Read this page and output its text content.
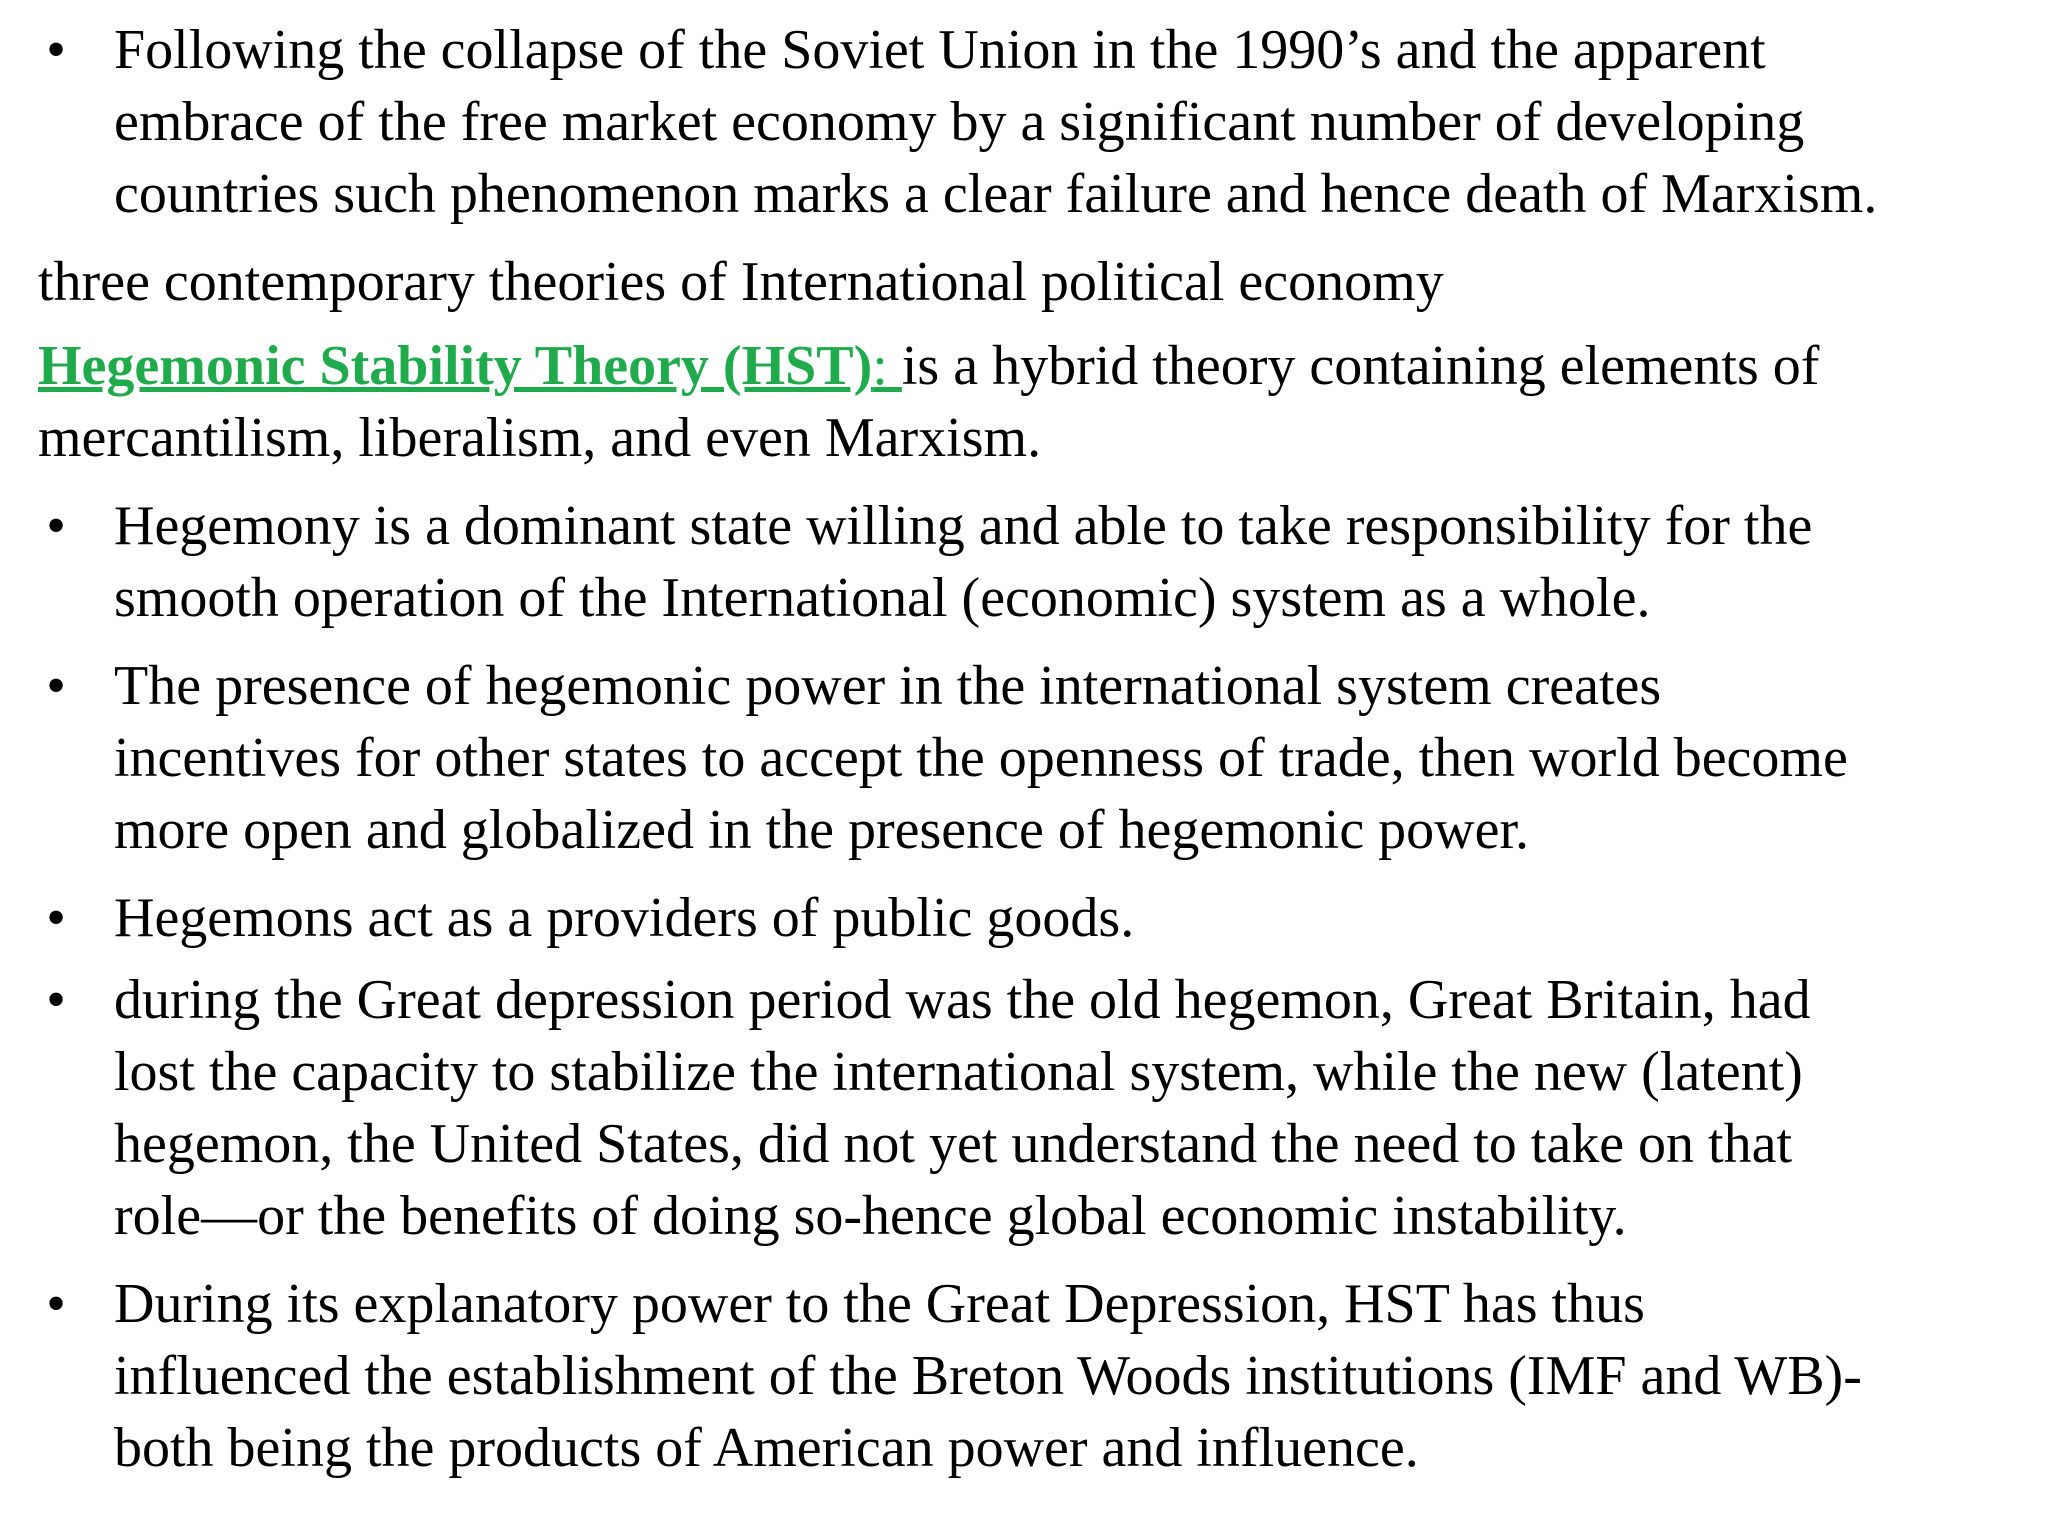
• Following the collapse of the Soviet Union in the 1990’s and the apparent
embrace of the free market economy by a significant number of developing
countries such phenomenon marks a clear failure and hence death of Marxism.
three contemporary theories of International political economy
Hegemonic Stability Theory (HST): is a hybrid theory containing elements of
mercantilism, liberalism, and even Marxism.
• Hegemony is a dominant state willing and able to take responsibility for the
smooth operation of the International (economic) system as a whole.
• The presence of hegemonic power in the international system creates
incentives for other states to accept the openness of trade, then world become
more open and globalized in the presence of hegemonic power.
• Hegemons act as a providers of public goods.
• during the Great depression period was the old hegemon, Great Britain, had
lost the capacity to stabilize the international system, while the new (latent)
hegemon, the United States, did not yet understand the need to take on that
role—or the benefits of doing so-hence global economic instability.
• During its explanatory power to the Great Depression, HST has thus
influenced the establishment of the Breton Woods institutions (IMF and WB)-
both being the products of American power and influence.
